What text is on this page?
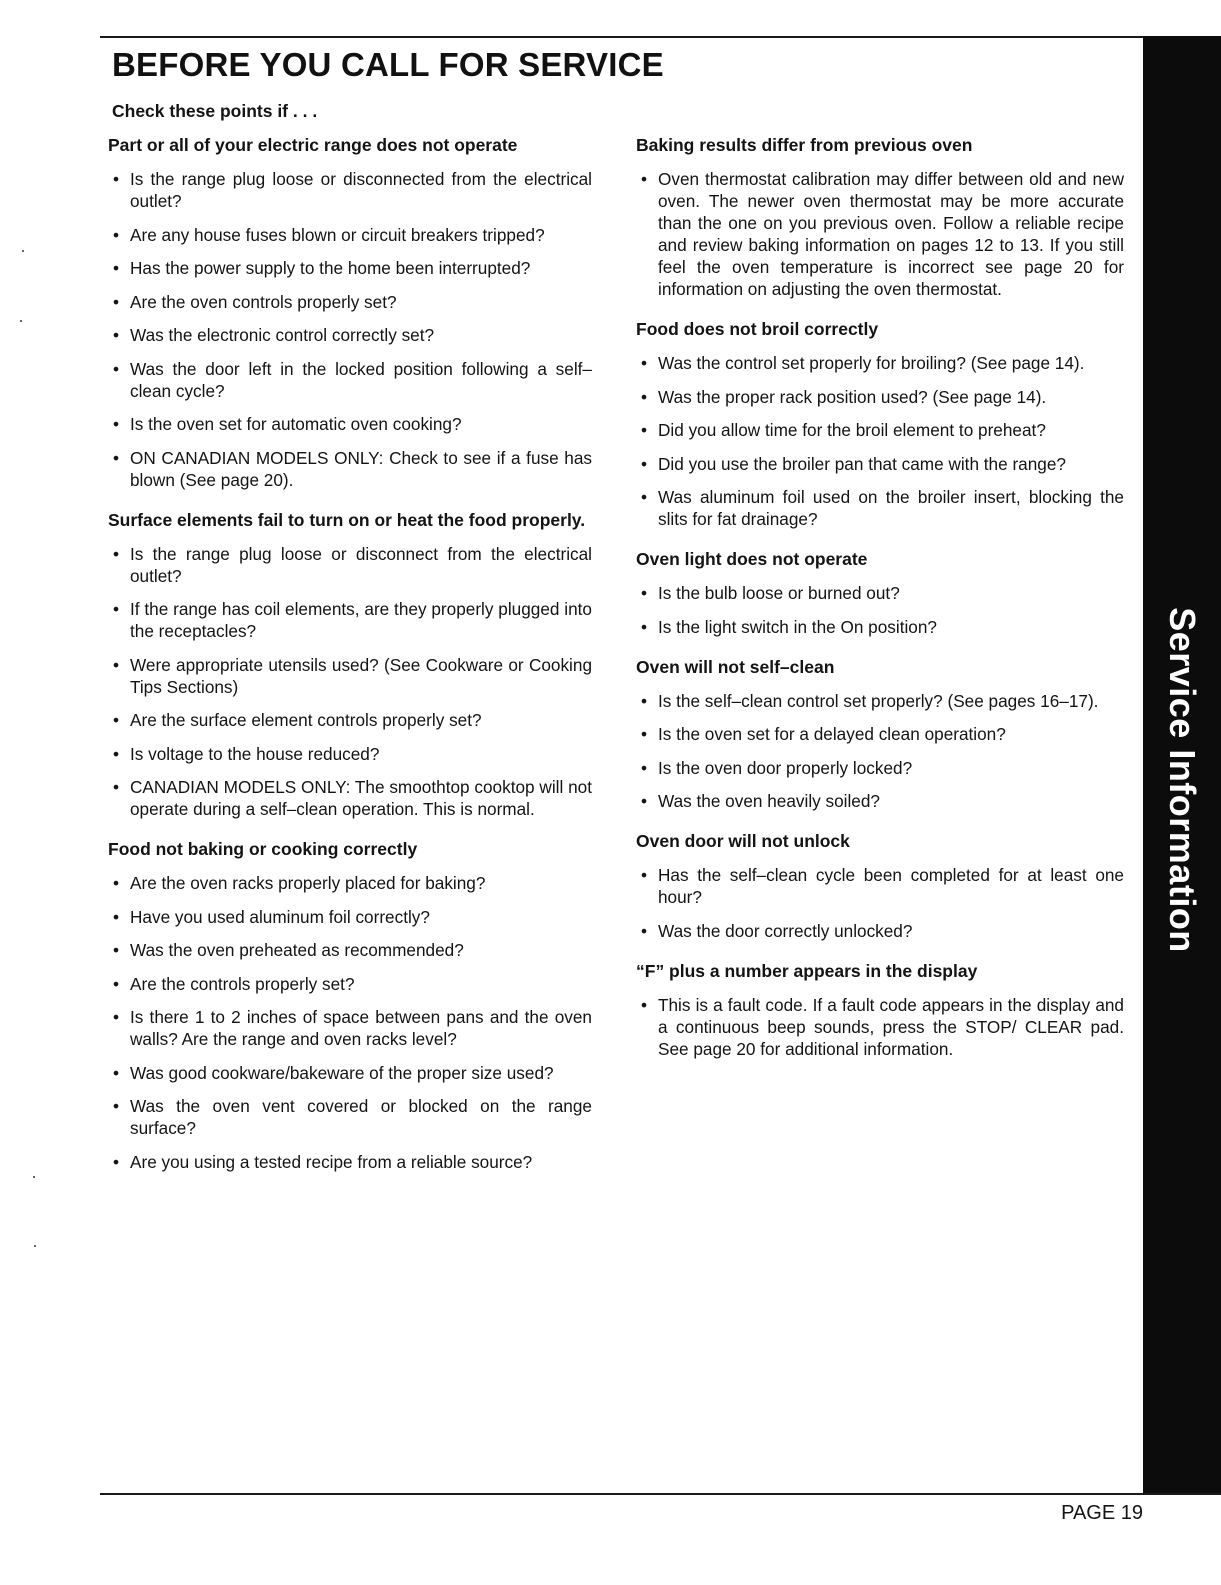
BEFORE YOU CALL FOR SERVICE

Check these points if . . .

Part or all of your electric range does not operate

• Is the range plug loose or disconnected from the electrical outlet?
• Are any house fuses blown or circuit breakers tripped?
• Has the power supply to the home been interrupted?
• Are the oven controls properly set?
• Was the electronic control correctly set?
• Was the door left in the locked position following a self–clean cycle?
• Is the oven set for automatic oven cooking?
• ON CANADIAN MODELS ONLY: Check to see if a fuse has blown (See page 20).

Surface elements fail to turn on or heat the food properly.

• Is the range plug loose or disconnect from the electrical outlet?
• If the range has coil elements, are they properly plugged into the receptacles?
• Were appropriate utensils used? (See Cookware or Cooking Tips Sections)
• Are the surface element controls properly set?
• Is voltage to the house reduced?
• CANADIAN MODELS ONLY: The smoothtop cooktop will not operate during a self–clean operation. This is normal.

Food not baking or cooking correctly

• Are the oven racks properly placed for baking?
• Have you used aluminum foil correctly?
• Was the oven preheated as recommended?
• Are the controls properly set?
• Is there 1 to 2 inches of space between pans and the oven walls? Are the range and oven racks level?
• Was good cookware/bakeware of the proper size used?
• Was the oven vent covered or blocked on the range surface?
• Are you using a tested recipe from a reliable source?

Baking results differ from previous oven

• Oven thermostat calibration may differ between old and new oven. The newer oven thermostat may be more accurate than the one on you previous oven. Follow a reliable recipe and review baking information on pages 12 to 13. If you still feel the oven temperature is incorrect see page 20 for information on adjusting the oven thermostat.

Food does not broil correctly

• Was the control set properly for broiling? (See page 14).
• Was the proper rack position used? (See page 14).
• Did you allow time for the broil element to preheat?
• Did you use the broiler pan that came with the range?
• Was aluminum foil used on the broiler insert, blocking the slits for fat drainage?

Oven light does not operate

• Is the bulb loose or burned out?
• Is the light switch in the On position?

Oven will not self–clean

• Is the self–clean control set properly? (See pages 16–17).
• Is the oven set for a delayed clean operation?
• Is the oven door properly locked?
• Was the oven heavily soiled?

Oven door will not unlock

• Has the self–clean cycle been completed for at least one hour?
• Was the door correctly unlocked?

“F” plus a number appears in the display

• This is a fault code. If a fault code appears in the display and a continuous beep sounds, press the STOP/ CLEAR pad. See page 20 for additional information.
Service Information
PAGE 19
